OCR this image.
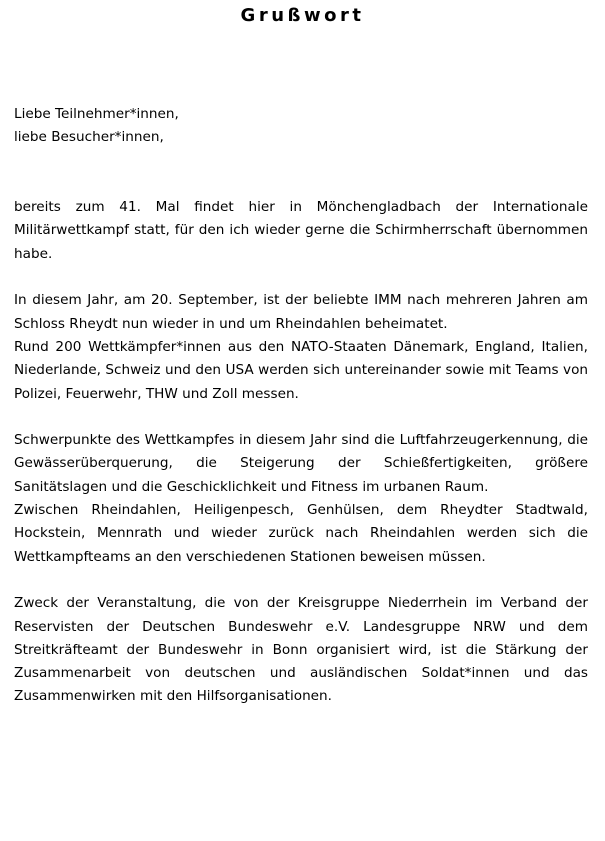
Grußwort

Liebe Teilnehmer*innen,

liebe Besucher*innen,

bereits zum 41. Mal findet hier in Mönchengladbach der Internationale Militärwettkampf statt, für den ich wieder gerne die Schirmherrschaft übernommen habe.

In diesem Jahr, am 20. September, ist der beliebte IMM nach mehreren Jahren am Schloss Rheydt nun wieder in und um Rheindahlen beheimatet.

Rund 200 Wettkämpfer*innen aus den NATO-Staaten Dänemark, England, Italien, Niederlande, Schweiz und den USA werden sich untereinander sowie mit Teams von Polizei, Feuerwehr, THW und Zoll messen.

Schwerpunkte des Wettkampfes in diesem Jahr sind die Luftfahrzeugerkennung, die Gewässerüberquerung, die Steigerung der Schießfertigkeiten, größere Sanitätslagen und die Geschicklichkeit und Fitness im urbanen Raum.

Zwischen Rheindahlen, Heiligenpesch, Genhülsen, dem Rheydter Stadtwald, Hockstein, Mennrath und wieder zurück nach Rheindahlen werden sich die Wettkampfteams an den verschiedenen Stationen beweisen müssen.

Zweck der Veranstaltung, die von der Kreisgruppe Niederrhein im Verband der Reservisten der Deutschen Bundeswehr e.V. Landesgruppe NRW und dem Streitkräfteamt der Bundeswehr in Bonn organisiert wird, ist die Stärkung der Zusammenarbeit von deutschen und ausländischen Soldat*innen und das Zusammenwirken mit den Hilfsorganisationen.
